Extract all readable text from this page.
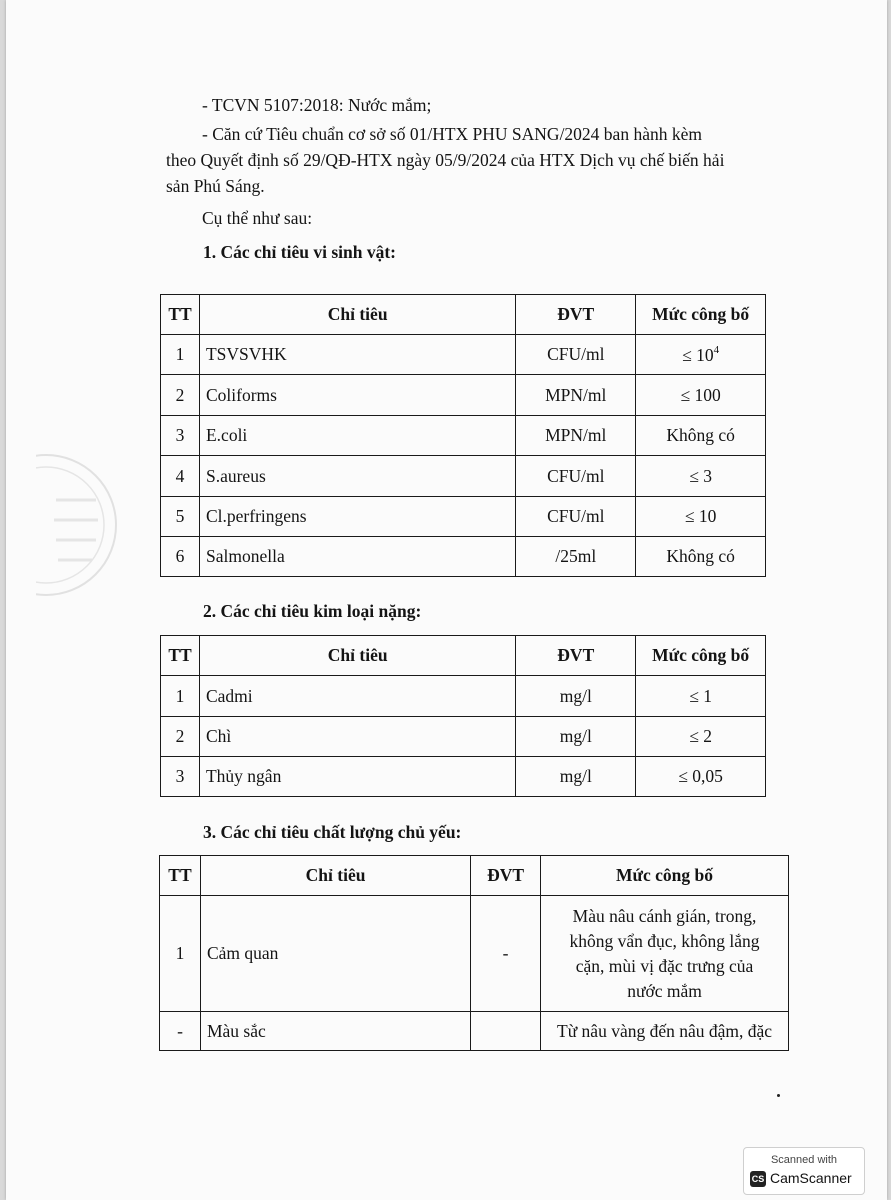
- TCVN 5107:2018: Nước mắm;
- Căn cứ Tiêu chuẩn cơ sở số 01/HTX PHU SANG/2024 ban hành kèm
theo Quyết định số 29/QĐ-HTX ngày 05/9/2024 của HTX Dịch vụ chế biến hải
sản Phú Sáng.
Cụ thể như sau:
1. Các chỉ tiêu vi sinh vật:
TT	Chỉ tiêu	ĐVT	Mức công bố
1	TSVSVHK	CFU/ml	≤ $10^4$
2	Coliforms	MPN/ml	≤ 100
3	E.coli	MPN/ml	Không có
4	S.aureus	CFU/ml	≤ 3
5	Cl.perfringens	CFU/ml	≤ 10
6	Salmonella	/25ml	Không có
2. Các chỉ tiêu kim loại nặng:
TT	Chỉ tiêu	ĐVT	Mức công bố
1	Cadmi	mg/l	≤ 1
2	Chì	mg/l	≤ 2
3	Thủy ngân	mg/l	≤ 0,05
3. Các chỉ tiêu chất lượng chủ yếu:
TT	Chỉ tiêu	ĐVT	Mức công bố
1	Cảm quan	-	Màu nâu cánh gián, trong,
không vẩn đục, không lắng
cặn, mùi vị đặc trưng của
nước mắm

-	Màu sắc		Từ nâu vàng đến nâu đậm, đặc
Scanned with
CS CamScanner
